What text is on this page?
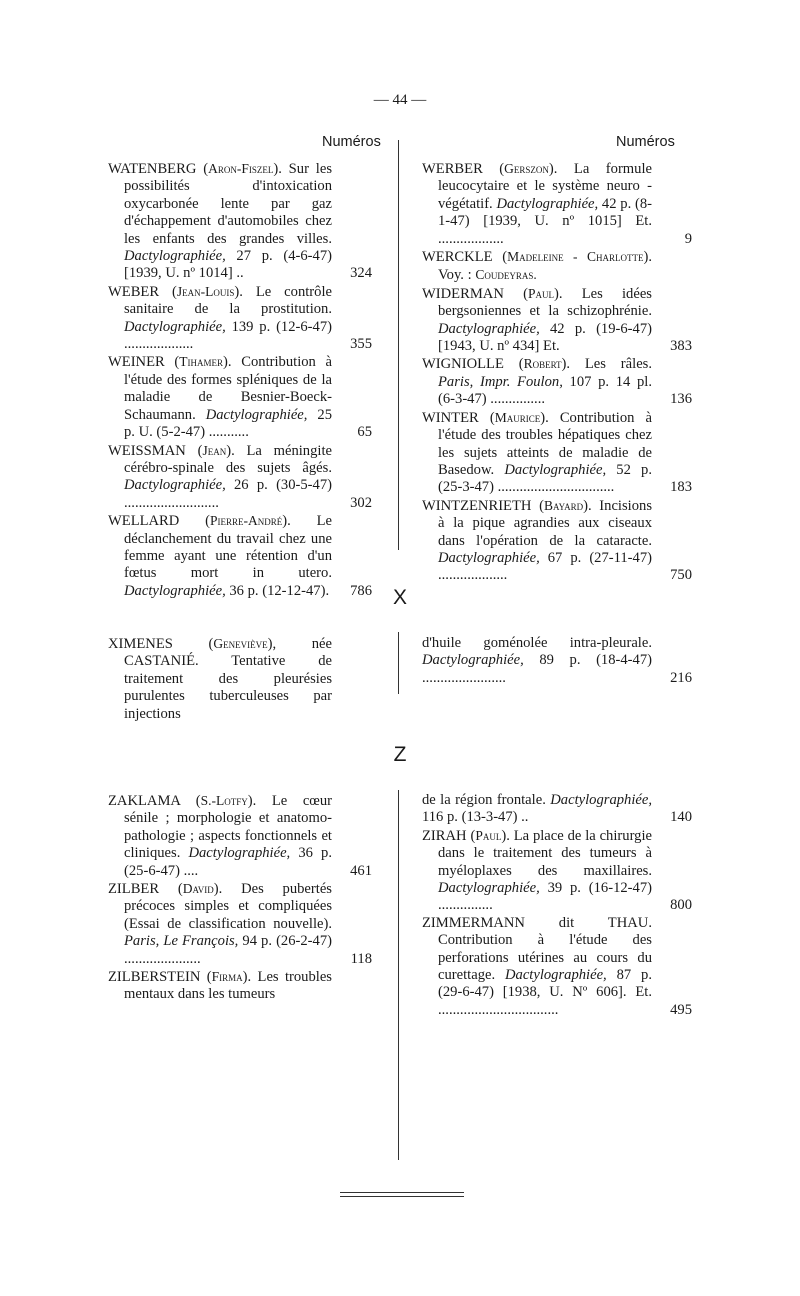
— 44 —
Numéros	Numéros

WATENBERG (Aron-Fiszel). Sur les possibilités d'intoxication oxycarbonée lente par gaz d'échappement d'automobiles chez les enfants des grandes villes. Dactylographiée, 27 p. (4-6-47) [1939, U. nº 1014] ..	324

WEBER (Jean-Louis). Le contrôle sanitaire de la prostitution. Dactylographiée, 139 p. (12-6-47) ...................	355

WEINER (Tihamer). Contribution à l'étude des formes spléniques de la maladie de Besnier-Boeck-Schaumann. Dactylographiée, 25 p. U. (5-2-47) ...........	65

WEISSMAN (Jean). La méningite cérébro-spinale des sujets âgés. Dactylographiée, 26 p. (30-5-47) ..........................	302

WELLARD (Pierre-André). Le déclanchement du travail chez une femme ayant une rétention d'un fœtus mort in utero. Dactylographiée, 36 p. (12-12-47). 786

WERBER (Gerszon). La formule leucocytaire et le système neuro - végétatif. Dactylographiée, 42 p. (8-1-47) [1939, U. nº 1015] Et. ..................	9

WERCKLE (Madeleine - Charlotte). Voy. : Coudeyras.

WIDERMAN (Paul). Les idées bergsoniennes et la schizophrénie. Dactylographiée, 42 p. (19-6-47) [1943, U. nº 434] Et.	383

WIGNIOLLE (Robert). Les râles. Paris, Impr. Foulon, 107 p. 14 pl. (6-3-47) ...............	136

WINTER (Maurice). Contribution à l'étude des troubles hépatiques chez les sujets atteints de maladie de Basedow. Dactylographiée, 52 p. (25-3-47) ................................	183

WINTZENRIETH (Bayard). Incisions à la pique agrandies aux ciseaux dans l'opération de la cataracte. Dactylographiée, 67 p. (27-11-47) ...................	750

X

XIMENES (Geneviève), née CASTANIÉ. Tentative de traitement des pleurésies purulentes tuberculeuses par injections

d'huile goménolée intra-pleurale. Dactylographiée, 89 p. (18-4-47) .......................	216

Z

ZAKLAMA (S.-Lotfy). Le cœur sénile ; morphologie et anatomo-pathologie ; aspects fonctionnels et cliniques. Dactylographiée, 36 p. (25-6-47) ....	461

ZILBER (David). Des pubertés précoces simples et compliquées (Essai de classification nouvelle). Paris, Le François, 94 p. (26-2-47) .....................	118

ZILBERSTEIN (Firma). Les troubles mentaux dans les tumeurs

de la région frontale. Dactylographiée, 116 p. (13-3-47) ..	140

ZIRAH (Paul). La place de la chirurgie dans le traitement des tumeurs à myéloplaxes des maxillaires. Dactylographiée, 39 p. (16-12-47) ...............	800

ZIMMERMANN dit THAU. Contribution à l'étude des perforations utérines au cours du curettage. Dactylographiée, 87 p. (29-6-47) [1938, U. Nº 606]. Et. .................................	495
